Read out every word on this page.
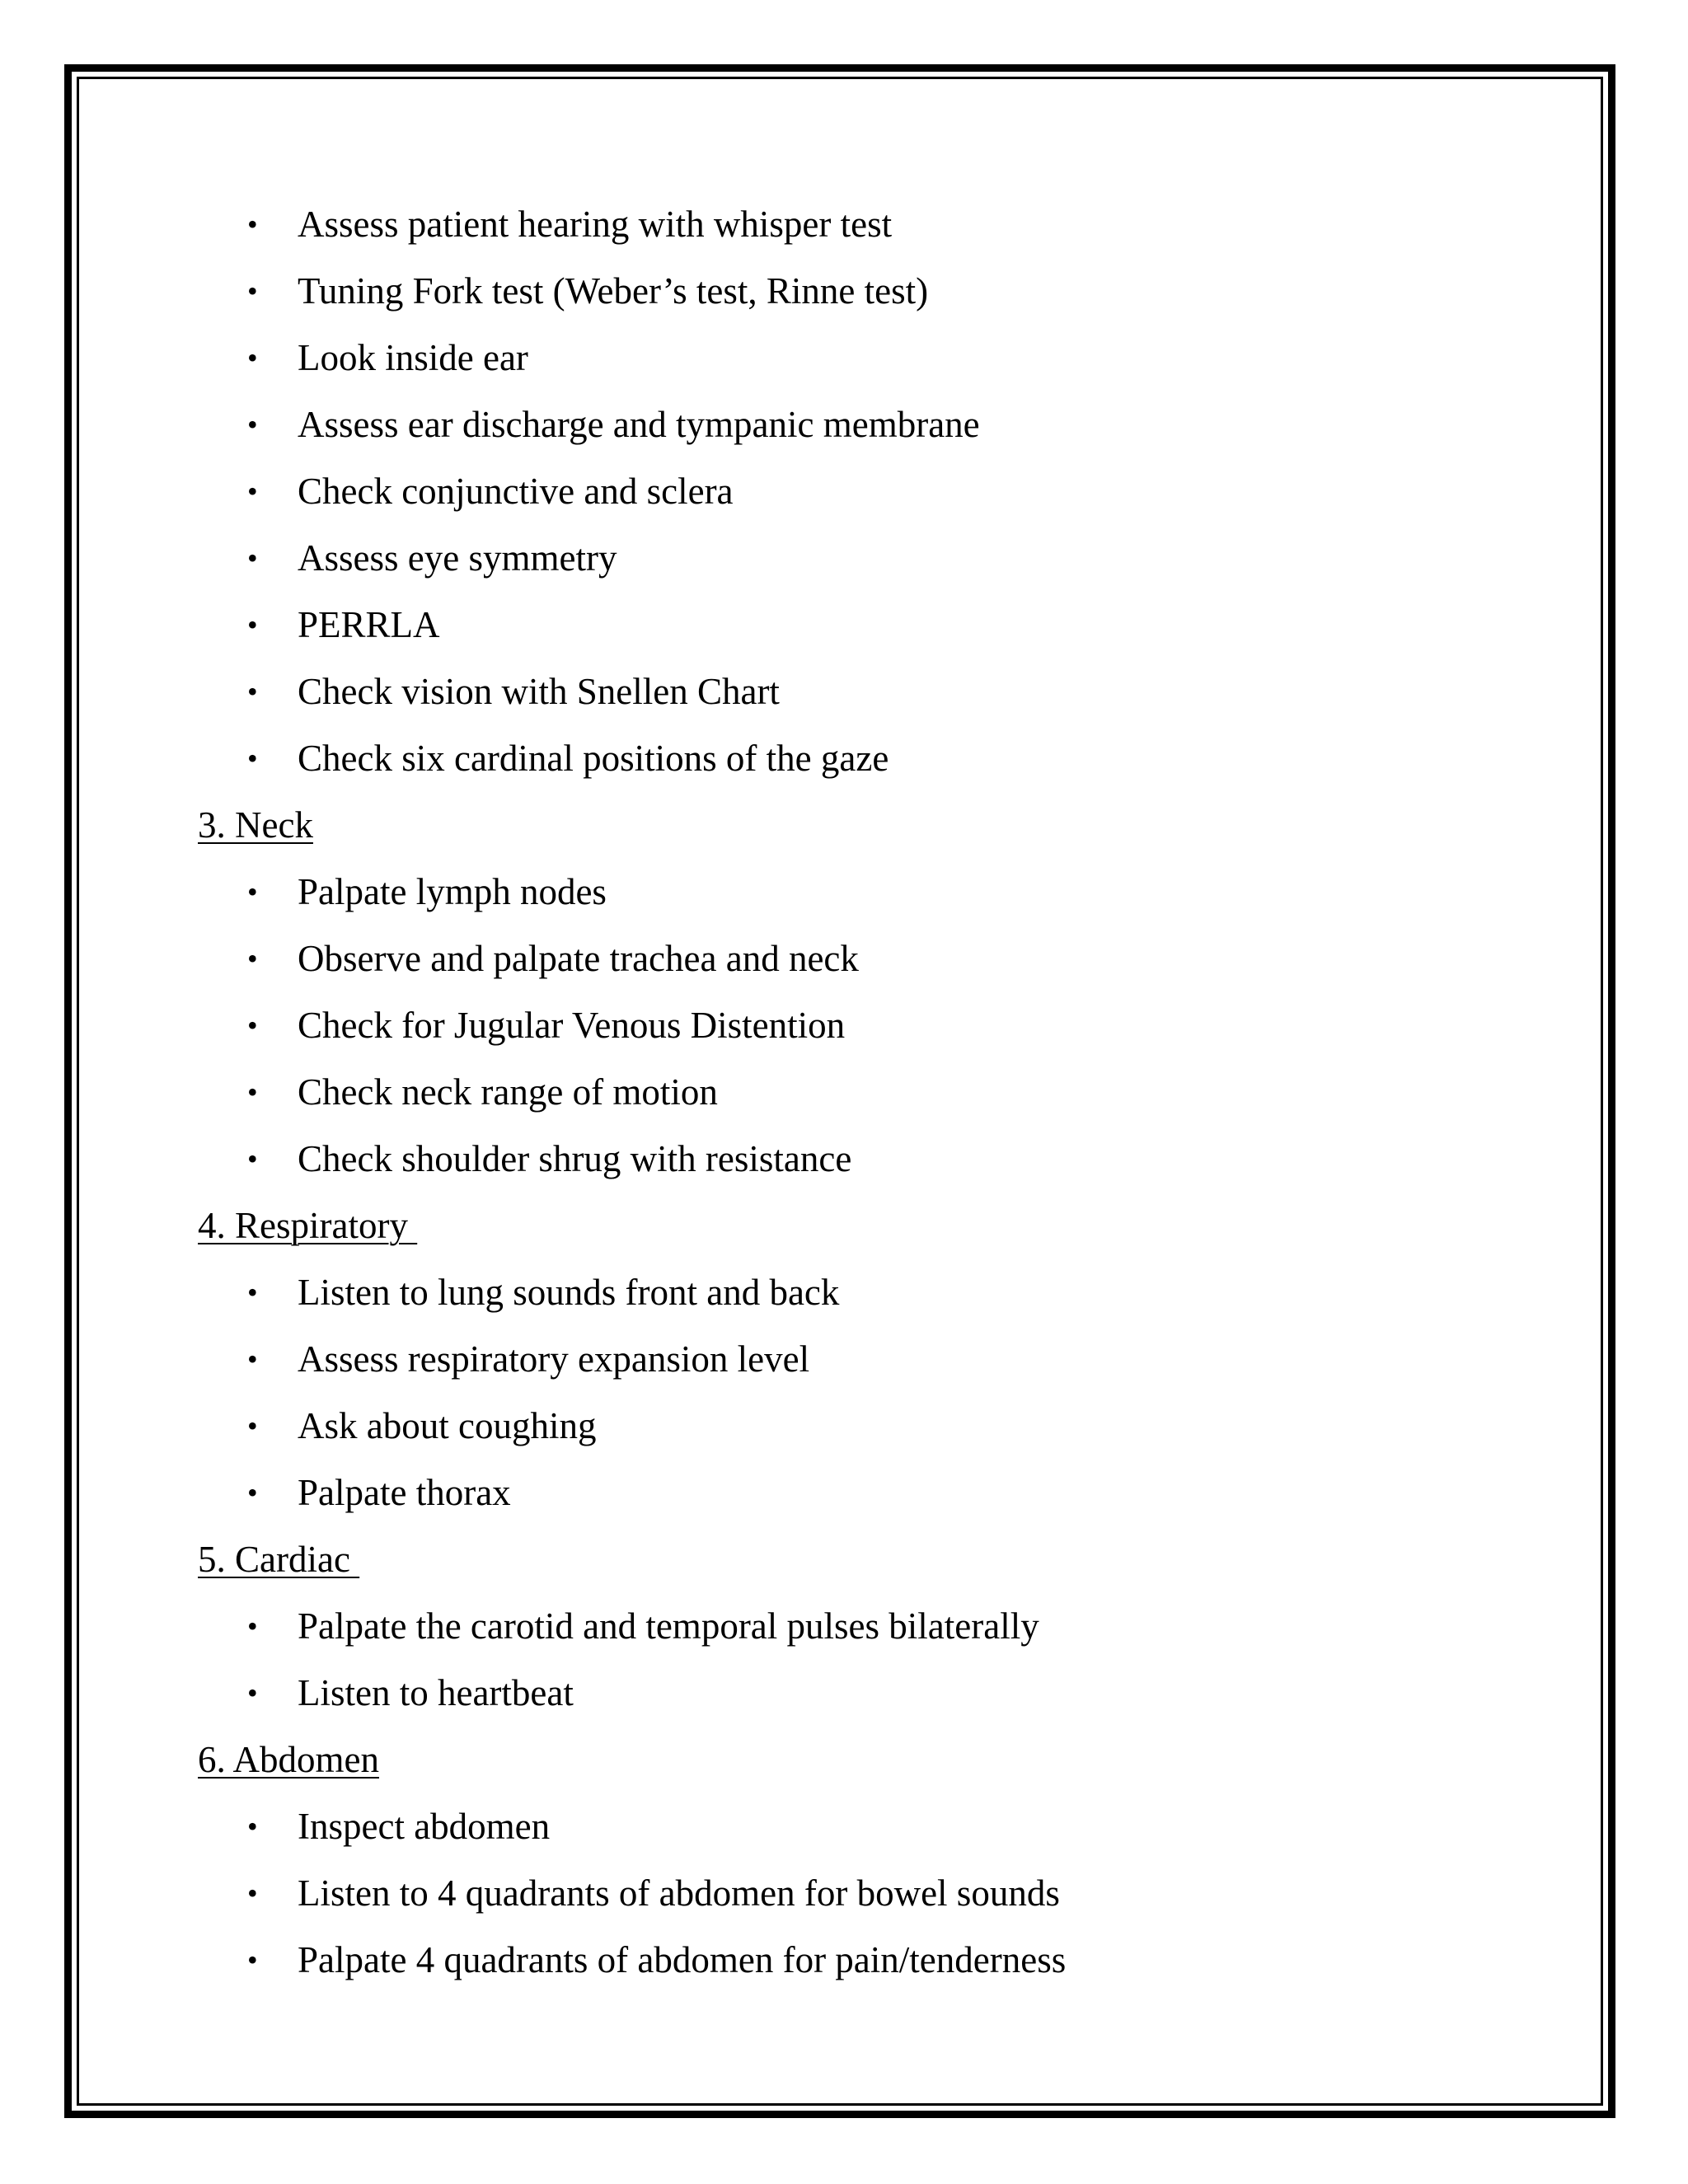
• Assess patient hearing with whisper test
• Tuning Fork test (Weber’s test, Rinne test)
• Look inside ear
• Assess ear discharge and tympanic membrane
• Check conjunctive and sclera
• Assess eye symmetry
• PERRLA
• Check vision with Snellen Chart
• Check six cardinal positions of the gaze
3. Neck
• Palpate lymph nodes
• Observe and palpate trachea and neck
• Check for Jugular Venous Distention
• Check neck range of motion
• Check shoulder shrug with resistance
4. Respiratory
• Listen to lung sounds front and back
• Assess respiratory expansion level
• Ask about coughing
• Palpate thorax
5. Cardiac
• Palpate the carotid and temporal pulses bilaterally
• Listen to heartbeat
6. Abdomen
• Inspect abdomen
• Listen to 4 quadrants of abdomen for bowel sounds
• Palpate 4 quadrants of abdomen for pain/tenderness
